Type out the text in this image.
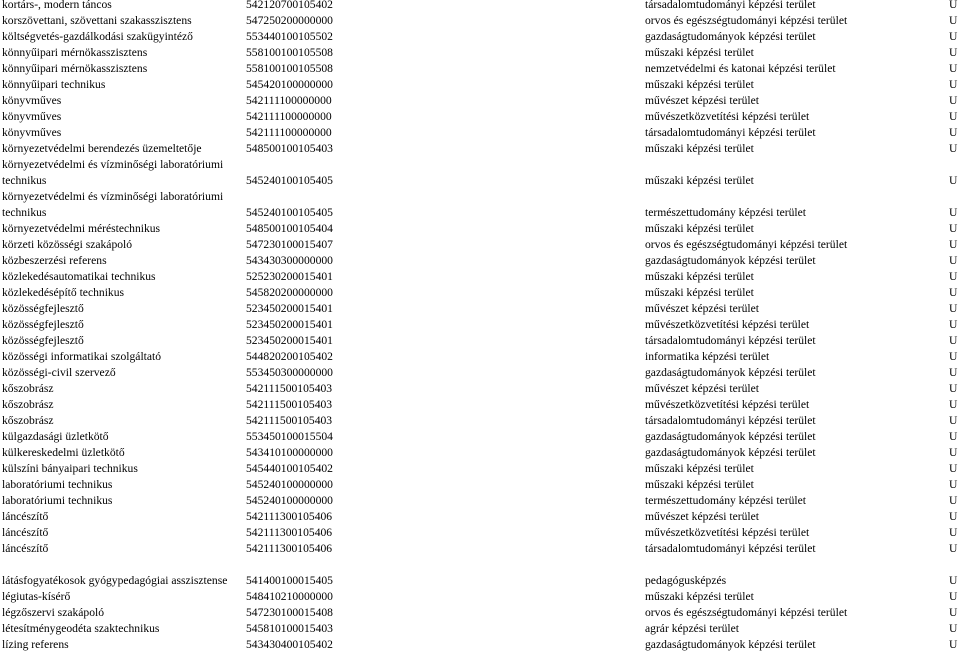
kortárs-, modern táncos	542120700105402	társadalomtudományi képzési terület	U
korszövettani, szövettani szakasszisztens	547250200000000	orvos és egészségtudományi képzési terület	U
költségvetés-gazdálkodási szakügyintéző	553440100105502	gazdaságtudományok képzési terület	U
könnyűipari mérnökasszisztens	558100100105508	műszaki képzési terület	U
könnyűipari mérnökasszisztens	558100100105508	nemzetvédelmi és katonai képzési terület	U
könnyűipari technikus	545420100000000	műszaki képzési terület	U
könyvműves	542111100000000	művészet képzési terület	U
könyvműves	542111100000000	művészetközvetítési képzési terület	U
könyvműves	542111100000000	társadalomtudományi képzési terület	U
környezetvédelmi berendezés üzemeltetője	548500100105403	műszaki képzési terület	U
környezetvédelmi és vízminőségi laboratóriumi
technikus	545240100105405	műszaki képzési terület	U
környezetvédelmi és vízminőségi laboratóriumi
technikus	545240100105405	természettudomány képzési terület	U
környezetvédelmi méréstechnikus	548500100105404	műszaki képzési terület	U
körzeti közösségi szakápoló	547230100015407	orvos és egészségtudományi képzési terület	U
közbeszerzési referens	543430300000000	gazdaságtudományok képzési terület	U
közlekedésautomatikai technikus	525230200015401	műszaki képzési terület	U
közlekedésépítő technikus	545820200000000	műszaki képzési terület	U
közösségfejlesztő	523450200015401	művészet képzési terület	U
közösségfejlesztő	523450200015401	művészetközvetítési képzési terület	U
közösségfejlesztő	523450200015401	társadalomtudományi képzési terület	U
közösségi informatikai szolgáltató	544820200105402	informatika képzési terület	U
közösségi-civil szervező	553450300000000	gazdaságtudományok képzési terület	U
kőszobrász	542111500105403	művészet képzési terület	U
kőszobrász	542111500105403	művészetközvetítési képzési terület	U
kőszobrász	542111500105403	társadalomtudományi képzési terület	U
külgazdasági üzletkötő	553450100015504	gazdaságtudományok képzési terület	U
külkereskedelmi üzletkötő	543410100000000	gazdaságtudományok képzési terület	U
külszíni bányaipari technikus	545440100105402	műszaki képzési terület	U
laboratóriumi technikus	545240100000000	műszaki képzési terület	U
laboratóriumi technikus	545240100000000	természettudomány képzési terület	U
láncészítő	542111300105406	művészet képzési terület	U
láncészítő	542111300105406	művészetközvetítési képzési terület	U
láncészítő	542111300105406	társadalomtudományi képzési terület	U
látásfogyatékosok gyógypedagógiai asszisztense	541400100015405	pedagógusképzés	U
légiutas-kísérő	548410210000000	műszaki képzési terület	U
légzőszervi szakápoló	547230100015408	orvos és egészségtudományi képzési terület	U
létesítménygeodéta szaktechnikus	545810100015403	agrár képzési terület	U
lízing referens	543430400105402	gazdaságtudományok képzési terület	U
